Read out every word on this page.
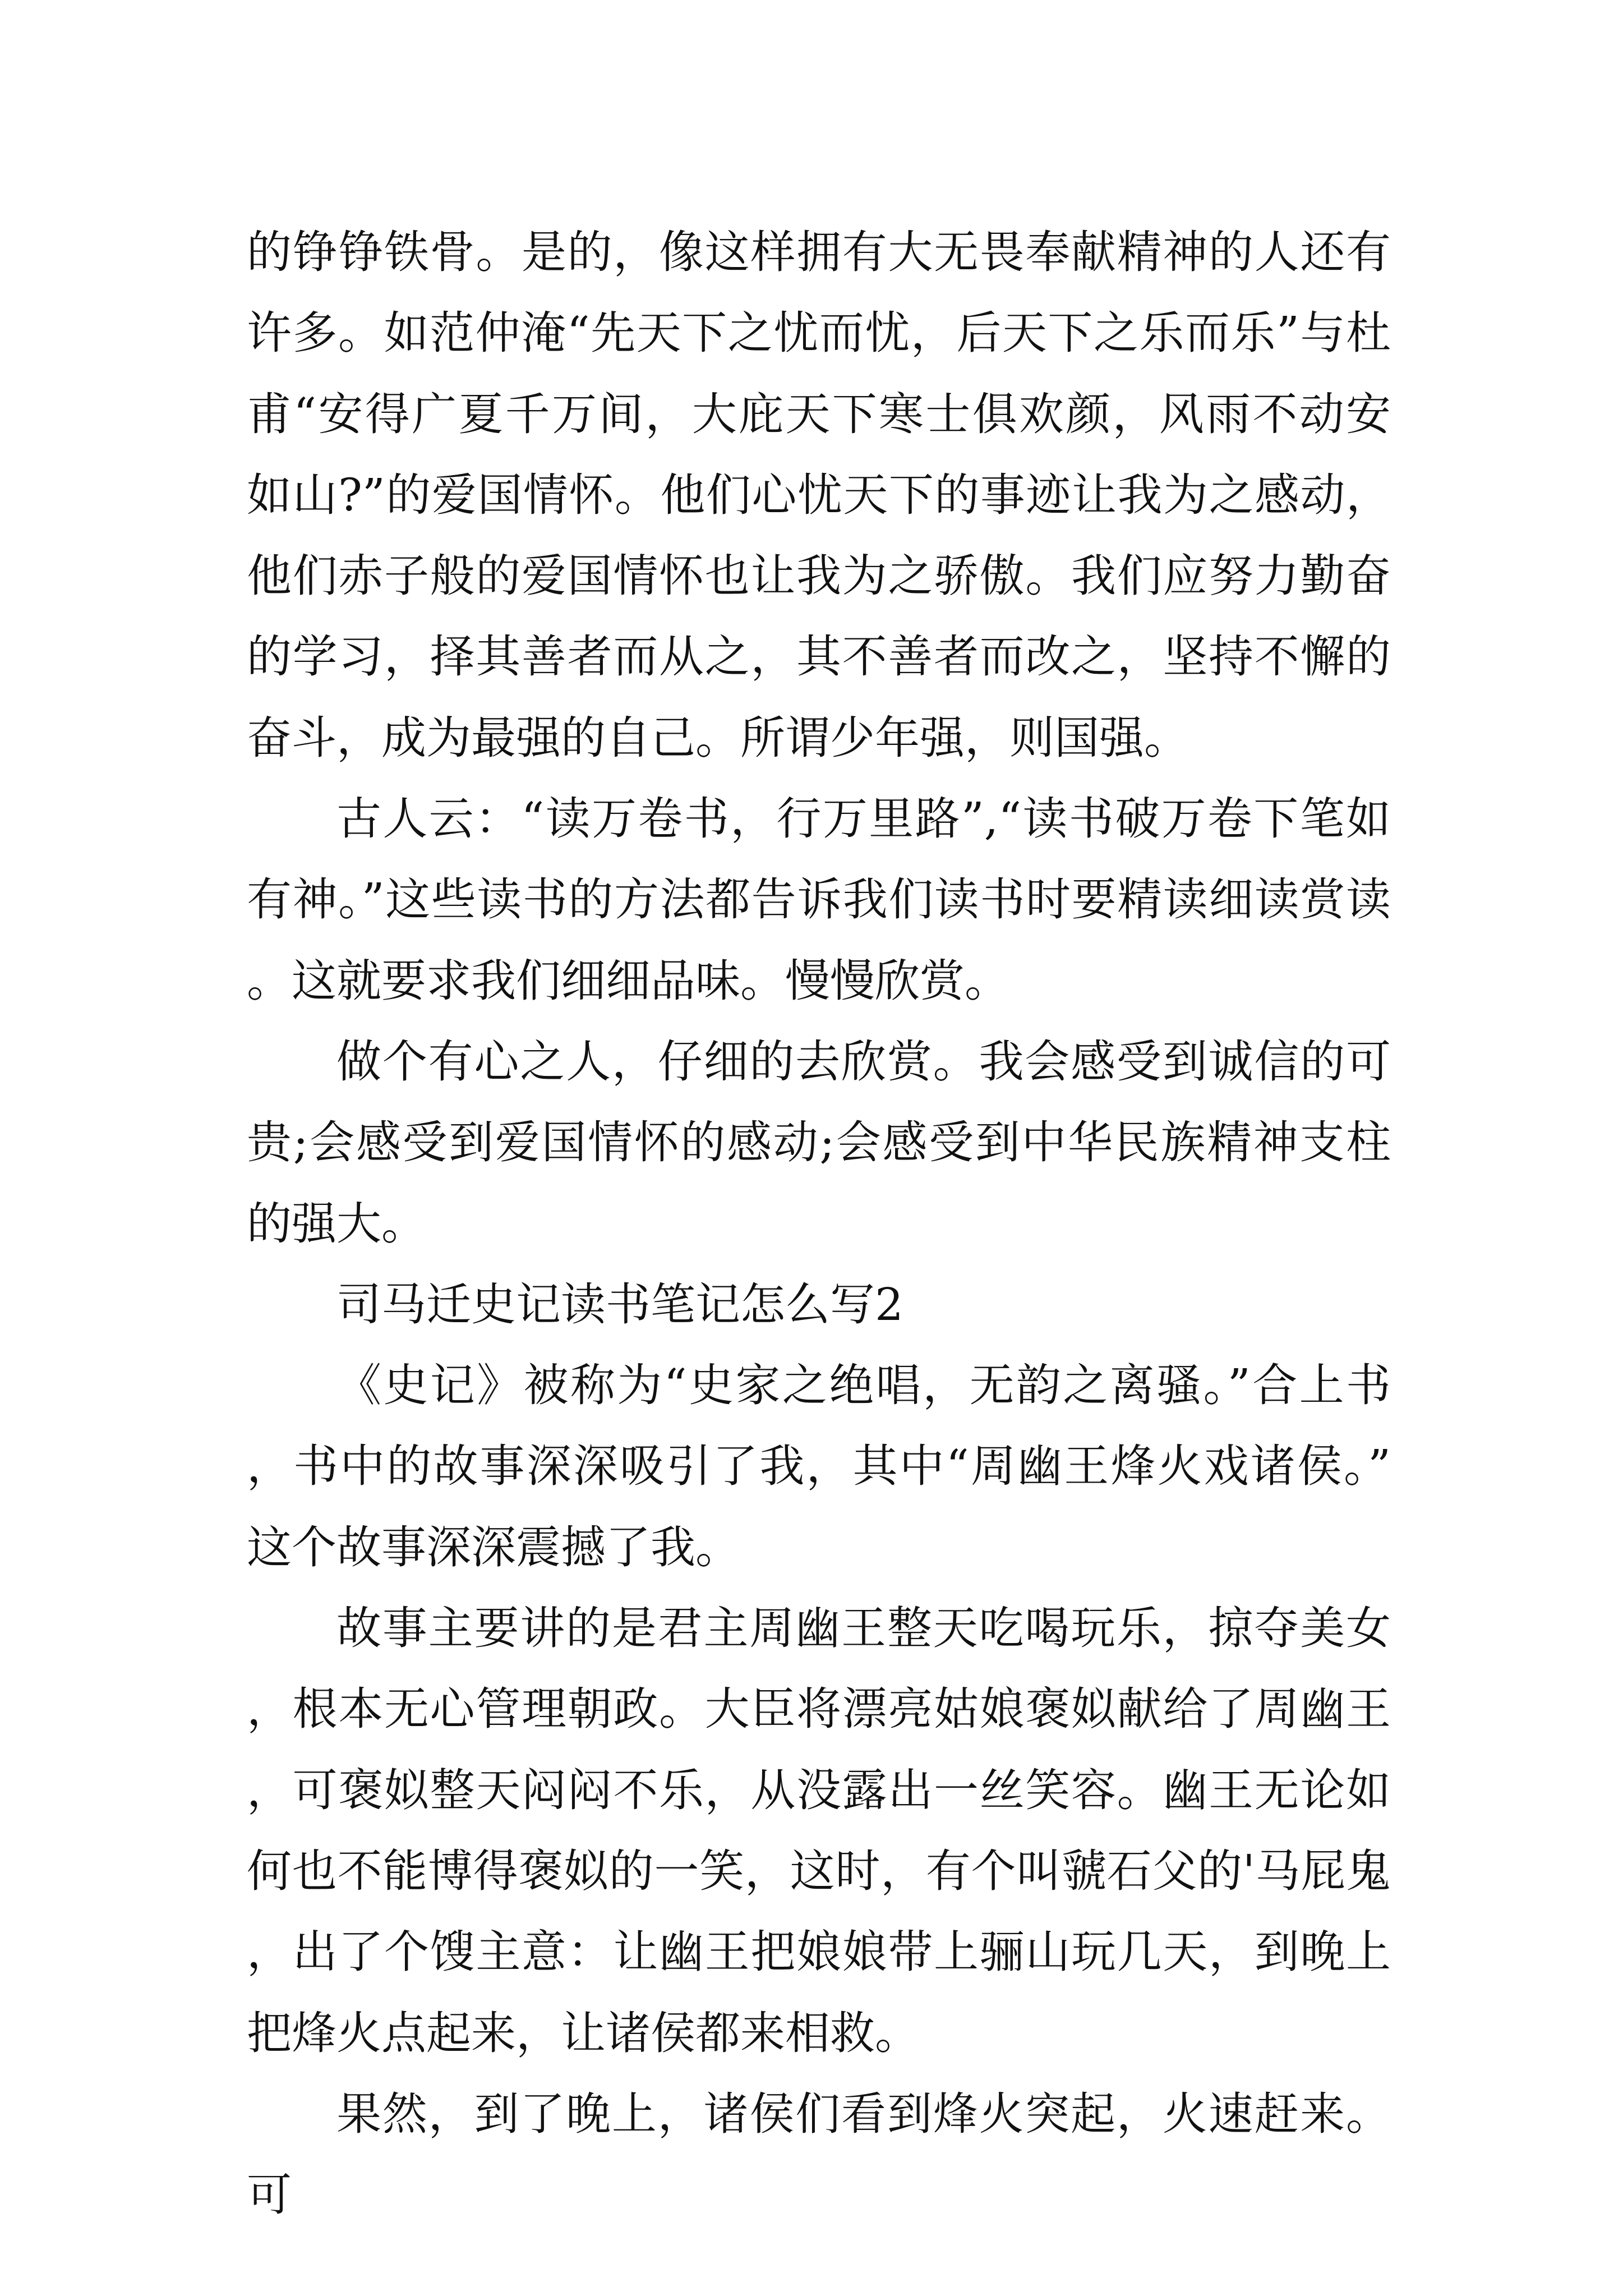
的铮铮铁骨。是的，像这样拥有大无畏奉献精神的人还有许多。如范仲淹“先天下之忧而忧，后天下之乐而乐”与杜甫“安得广夏千万间，大庇天下寒士俱欢颜，风雨不动安如山?”的爱国情怀。他们心忧天下的事迹让我为之感动，他们赤子般的爱国情怀也让我为之骄傲。我们应努力勤奋的学习，择其善者而从之，其不善者而改之，坚持不懈的奋斗，成为最强的自己。所谓少年强，则国强。

古人云：“读万卷书，行万里路”,“读书破万卷下笔如有神。”这些读书的方法都告诉我们读书时要精读细读赏读。这就要求我们细细品味。慢慢欣赏。

做个有心之人，仔细的去欣赏。我会感受到诚信的可贵;会感受到爱国情怀的感动;会感受到中华民族精神支柱的强大。

司马迁史记读书笔记怎么写2

《史记》被称为“史家之绝唱，无韵之离骚。”合上书，书中的故事深深吸引了我，其中“周幽王烽火戏诸侯。”这个故事深深震撼了我。

故事主要讲的是君主周幽王整天吃喝玩乐，掠夺美女，根本无心管理朝政。大臣将漂亮姑娘褒姒献给了周幽王，可褒姒整天闷闷不乐，从没露出一丝笑容。幽王无论如何也不能博得褒姒的一笑，这时，有个叫虢石父的'马屁鬼，出了个馊主意：让幽王把娘娘带上骊山玩几天，到晚上把烽火点起来，让诸侯都来相救。

果然，到了晚上，诸侯们看到烽火突起，火速赶来。可
